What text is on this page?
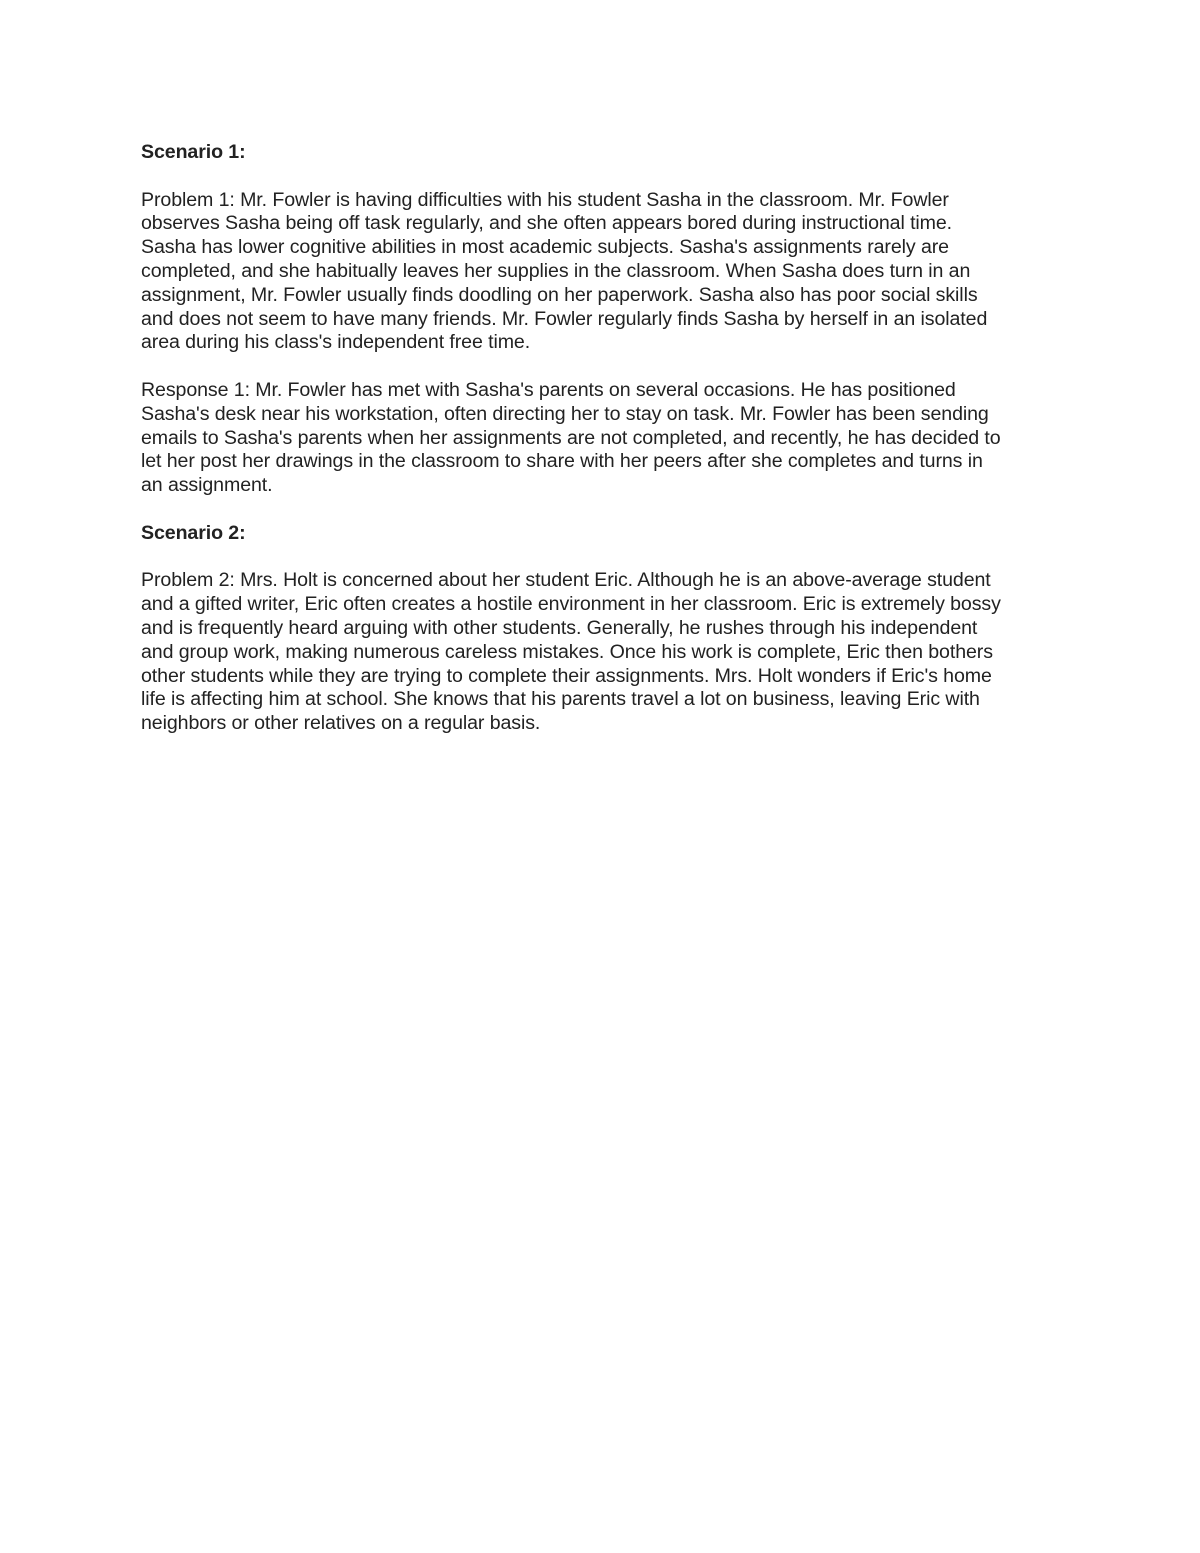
Scenario 1:
Problem 1: Mr. Fowler is having difficulties with his student Sasha in the classroom. Mr. Fowler
observes Sasha being off task regularly, and she often appears bored during instructional time.
Sasha has lower cognitive abilities in most academic subjects. Sasha's assignments rarely are
completed, and she habitually leaves her supplies in the classroom. When Sasha does turn in an
assignment, Mr. Fowler usually finds doodling on her paperwork. Sasha also has poor social skills
and does not seem to have many friends. Mr. Fowler regularly finds Sasha by herself in an isolated
area during his class's independent free time.
Response 1: Mr. Fowler has met with Sasha's parents on several occasions. He has positioned
Sasha's desk near his workstation, often directing her to stay on task. Mr. Fowler has been sending
emails to Sasha's parents when her assignments are not completed, and recently, he has decided to
let her post her drawings in the classroom to share with her peers after she completes and turns in
an assignment.
Scenario 2:
Problem 2: Mrs. Holt is concerned about her student Eric. Although he is an above-average student
and a gifted writer, Eric often creates a hostile environment in her classroom. Eric is extremely bossy
and is frequently heard arguing with other students. Generally, he rushes through his independent
and group work, making numerous careless mistakes. Once his work is complete, Eric then bothers
other students while they are trying to complete their assignments. Mrs. Holt wonders if Eric's home
life is affecting him at school. She knows that his parents travel a lot on business, leaving Eric with
neighbors or other relatives on a regular basis.
